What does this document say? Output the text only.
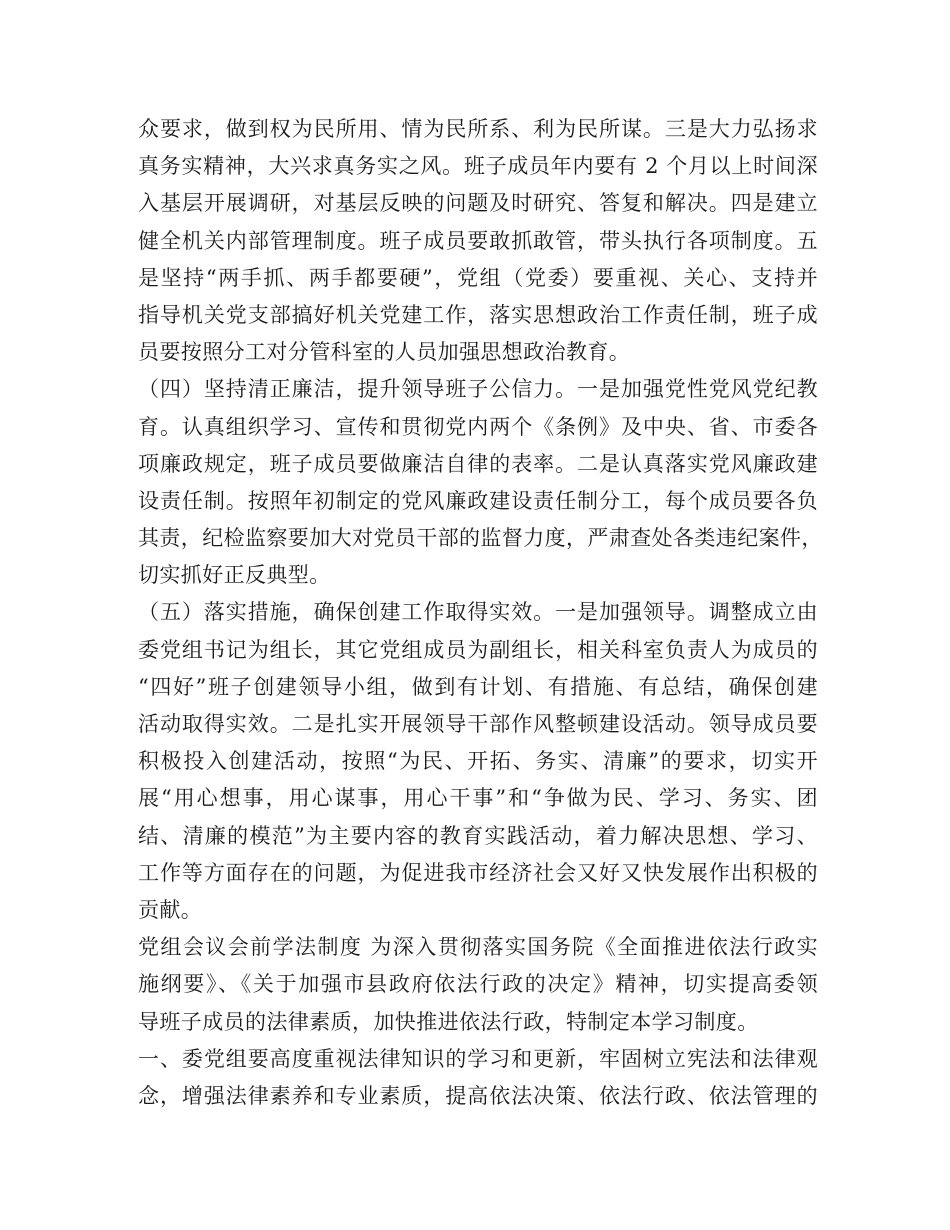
众要求，做到权为民所用、情为民所系、利为民所谋。三是大力弘扬求
真务实精神，大兴求真务实之风。班子成员年内要有 2 个月以上时间深
入基层开展调研，对基层反映的问题及时研究、答复和解决。四是建立
健全机关内部管理制度。班子成员要敢抓敢管，带头执行各项制度。五
是坚持“两手抓、两手都要硬”，党组（党委）要重视、关心、支持并
指导机关党支部搞好机关党建工作，落实思想政治工作责任制，班子成
员要按照分工对分管科室的人员加强思想政治教育。
（四）坚持清正廉洁，提升领导班子公信力。一是加强党性党风党纪教
育。认真组织学习、宣传和贯彻党内两个《条例》及中央、省、市委各
项廉政规定，班子成员要做廉洁自律的表率。二是认真落实党风廉政建
设责任制。按照年初制定的党风廉政建设责任制分工，每个成员要各负
其责，纪检监察要加大对党员干部的监督力度，严肃查处各类违纪案件，
切实抓好正反典型。
（五）落实措施，确保创建工作取得实效。一是加强领导。调整成立由
委党组书记为组长，其它党组成员为副组长，相关科室负责人为成员的
“四好”班子创建领导小组，做到有计划、有措施、有总结，确保创建
活动取得实效。二是扎实开展领导干部作风整顿建设活动。领导成员要
积极投入创建活动，按照“为民、开拓、务实、清廉”的要求，切实开
展“用心想事，用心谋事，用心干事”和“争做为民、学习、务实、团
结、清廉的模范”为主要内容的教育实践活动，着力解决思想、学习、
工作等方面存在的问题，为促进我市经济社会又好又快发展作出积极的
贡献。
党组会议会前学法制度 为深入贯彻落实国务院《全面推进依法行政实
施纲要》、《关于加强市县政府依法行政的决定》精神，切实提高委领
导班子成员的法律素质，加快推进依法行政，特制定本学习制度。
一、委党组要高度重视法律知识的学习和更新，牢固树立宪法和法律观
念，增强法律素养和专业素质，提高依法决策、依法行政、依法管理的
